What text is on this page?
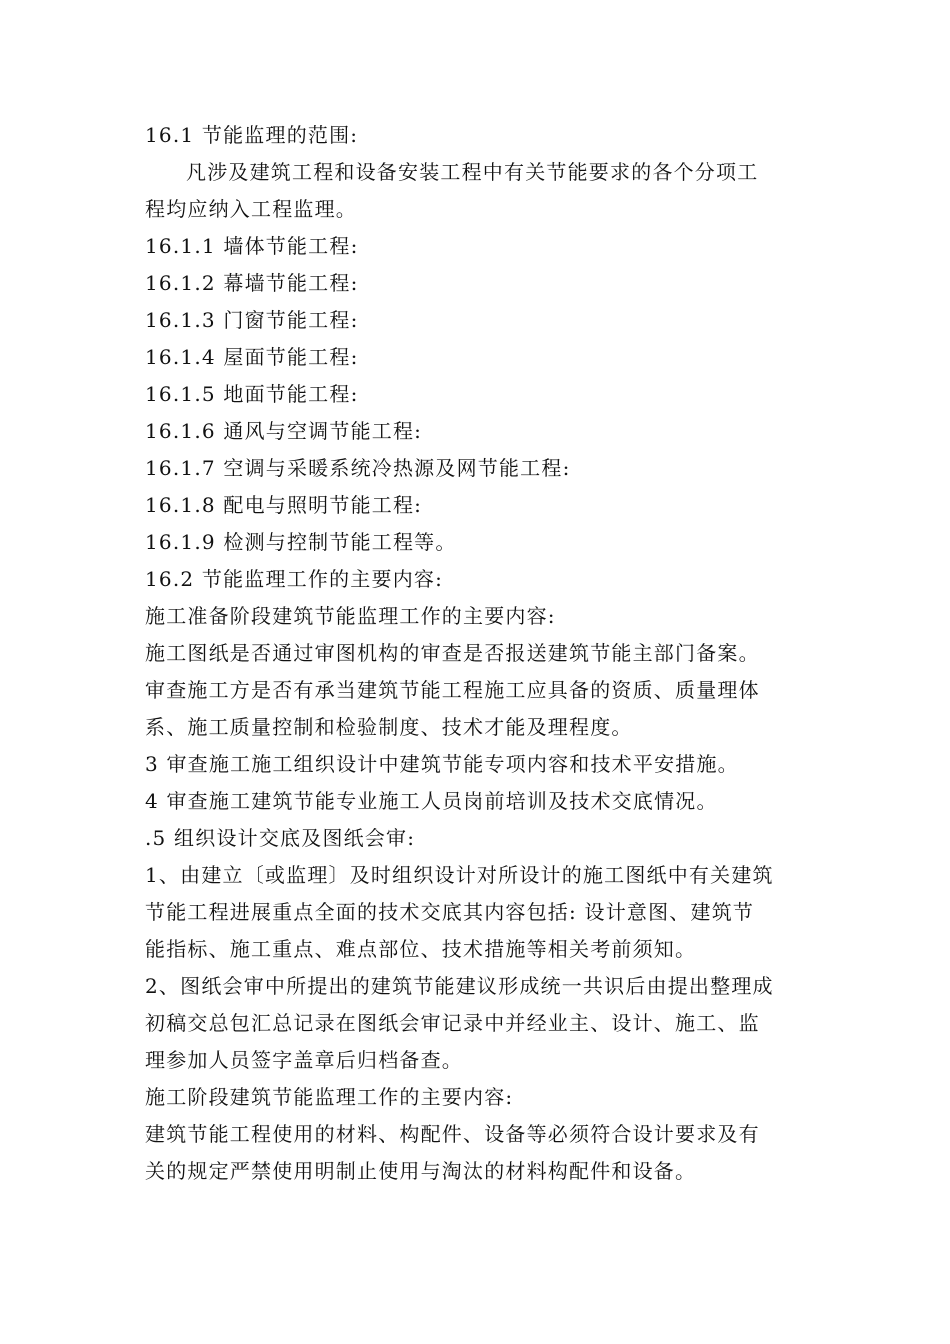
16.1 节能监理的范围:
凡涉及建筑工程和设备安装工程中有关节能要求的各个分项工
程均应纳入工程监理。
16.1.1 墙体节能工程:
16.1.2 幕墙节能工程:
16.1.3 门窗节能工程:
16.1.4 屋面节能工程:
16.1.5 地面节能工程:
16.1.6 通风与空调节能工程:
16.1.7 空调与采暖系统冷热源及网节能工程:
16.1.8 配电与照明节能工程:
16.1.9 检测与控制节能工程等。
16.2 节能监理工作的主要内容:
施工准备阶段建筑节能监理工作的主要内容:
施工图纸是否通过审图机构的审查是否报送建筑节能主部门备案。
审查施工方是否有承当建筑节能工程施工应具备的资质、质量理体
系、施工质量控制和检验制度、技术才能及理程度。
3 审查施工施工组织设计中建筑节能专项内容和技术平安措施。
4 审查施工建筑节能专业施工人员岗前培训及技术交底情况。
.5 组织设计交底及图纸会审:
1、由建立〔或监理〕及时组织设计对所设计的施工图纸中有关建筑
节能工程进展重点全面的技术交底其内容包括: 设计意图、建筑节
能指标、施工重点、难点部位、技术措施等相关考前须知。
2、图纸会审中所提出的建筑节能建议形成统一共识后由提出整理成
初稿交总包汇总记录在图纸会审记录中并经业主、设计、施工、监
理参加人员签字盖章后归档备查。
施工阶段建筑节能监理工作的主要内容:
建筑节能工程使用的材料、构配件、设备等必须符合设计要求及有
关的规定严禁使用明制止使用与淘汰的材料构配件和设备。
